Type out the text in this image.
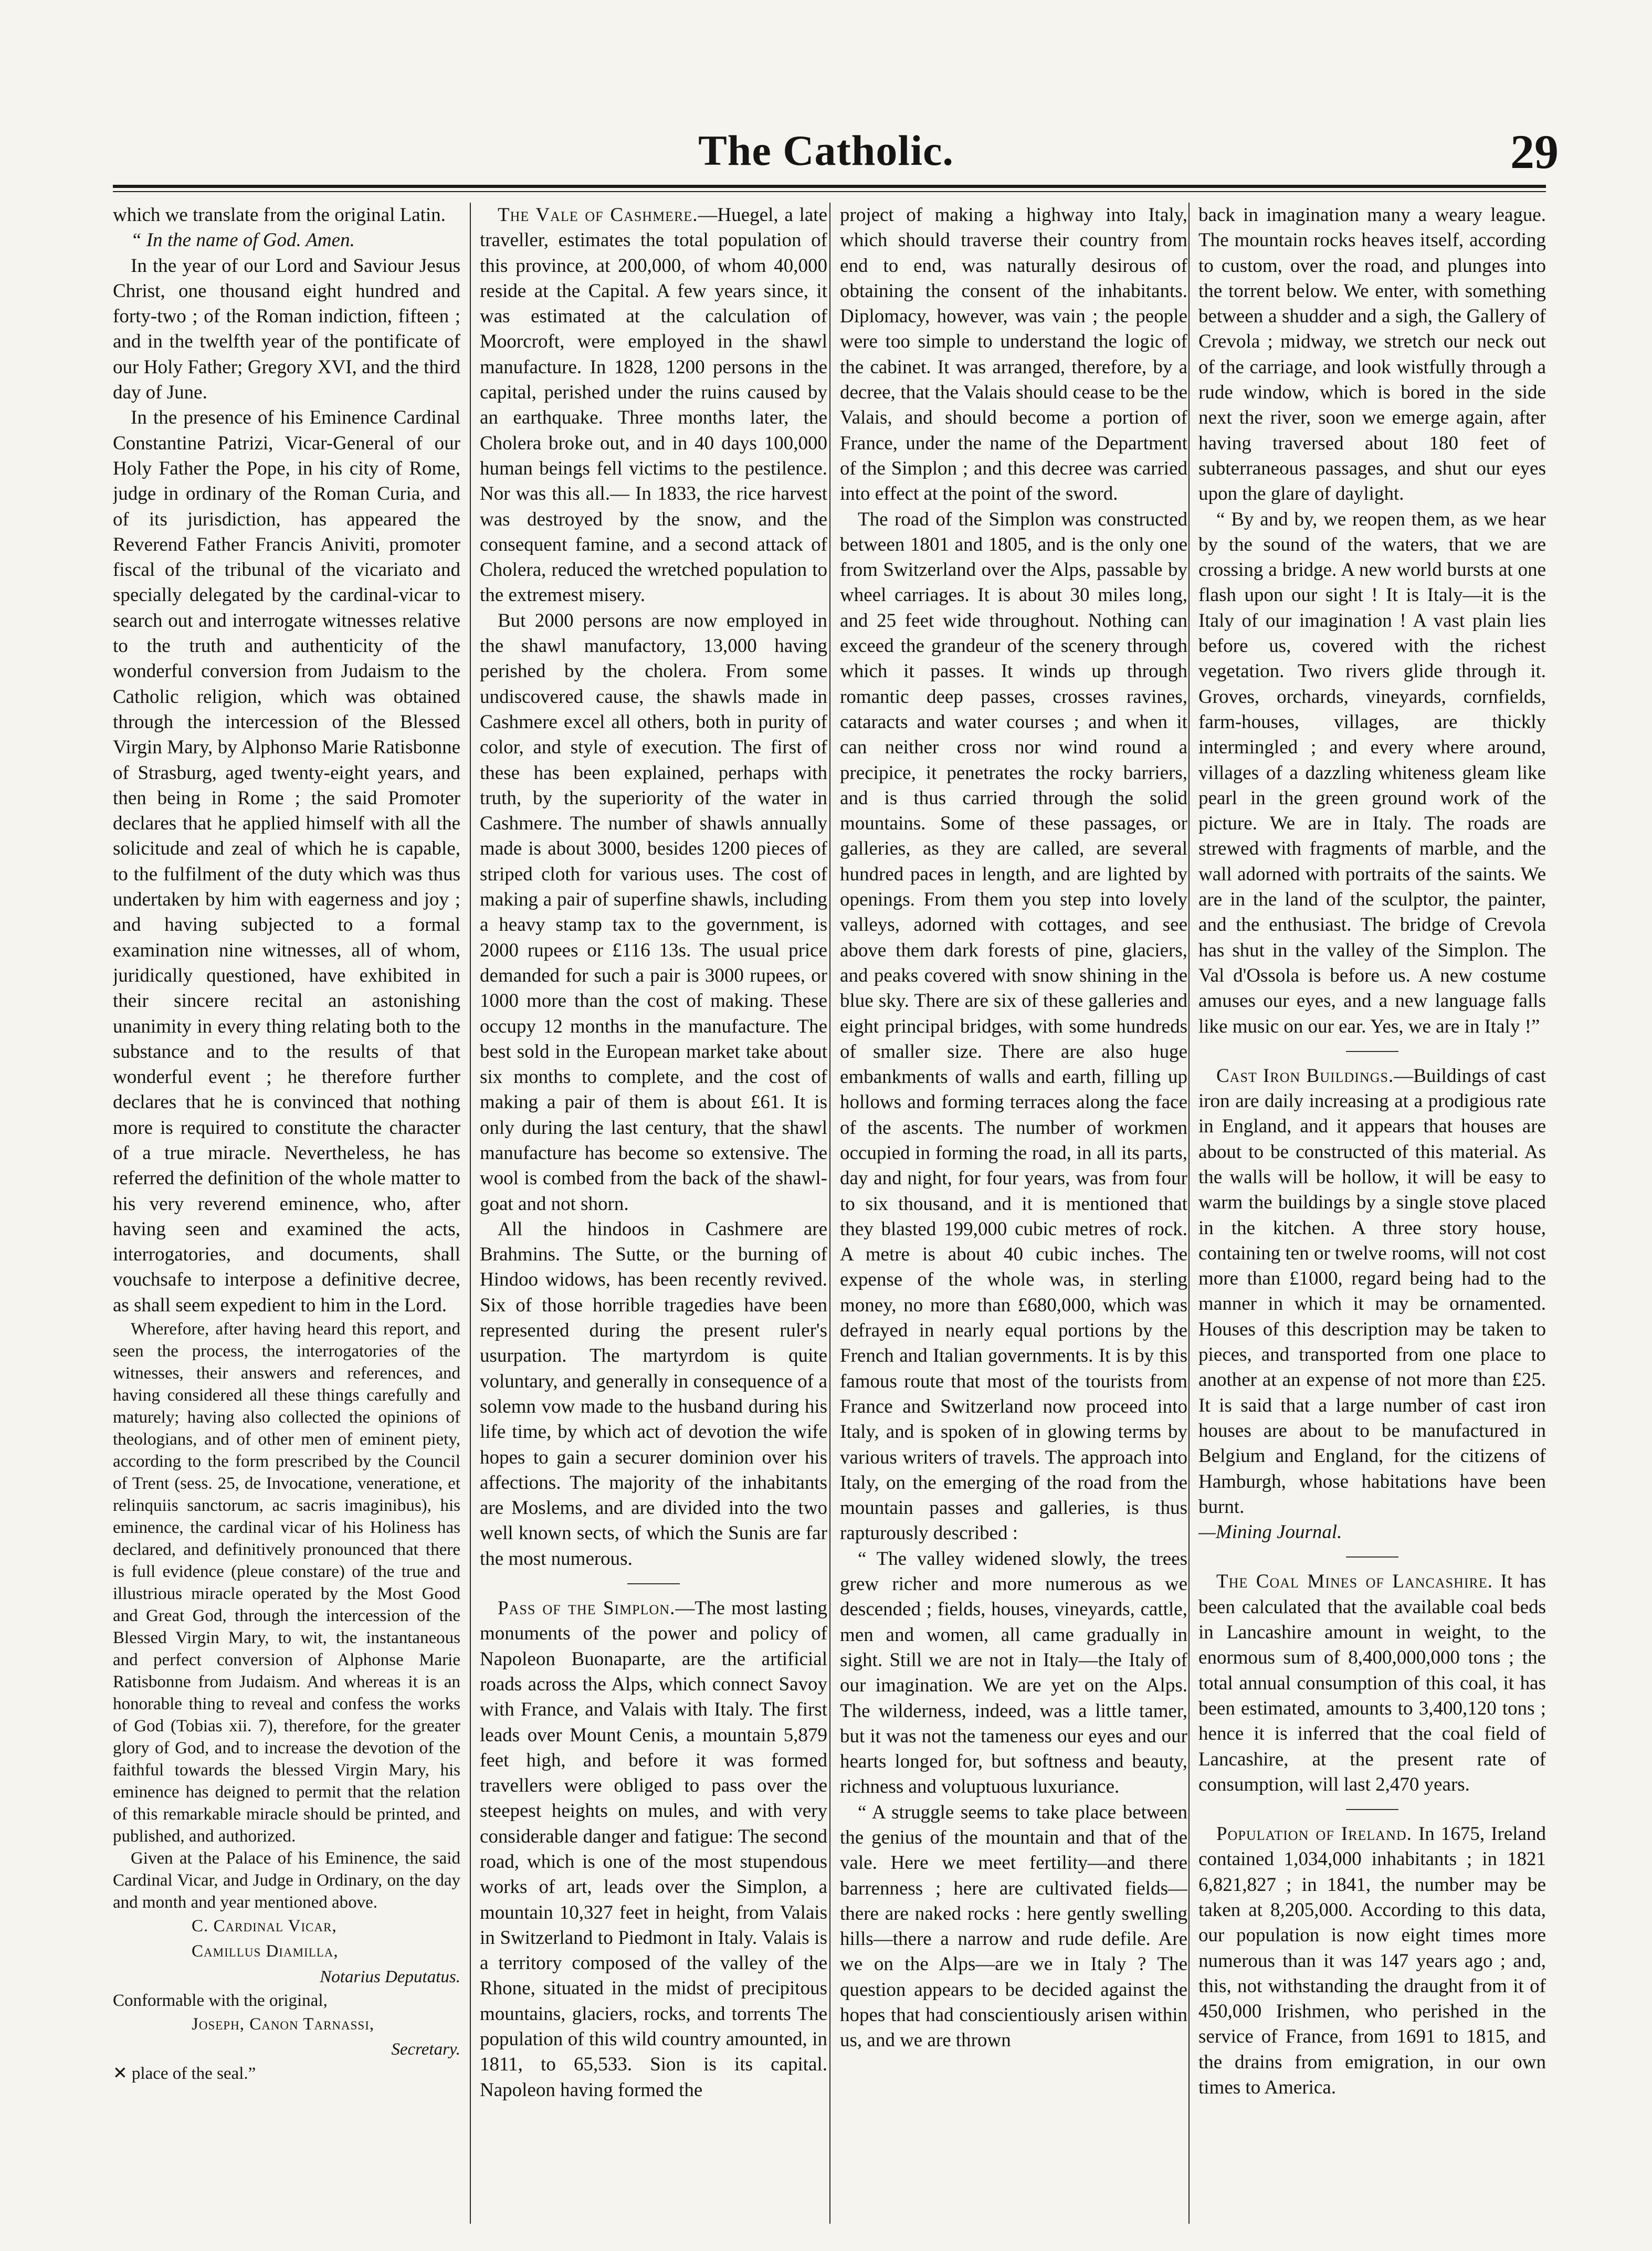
The Catholic.	29

which we translate from the original Latin.

“ In the name of God. Amen.

In the year of our Lord and Saviour Jesus Christ, one thousand eight hundred and forty-two ; of the Roman indiction, fifteen ; and in the twelfth year of the pontificate of our Holy Father; Gregory XVI, and the third day of June.

In the presence of his Eminence Cardinal Constantine Patrizi, Vicar-General of our Holy Father the Pope, in his city of Rome, judge in ordinary of the Roman Curia, and of its jurisdiction, has appeared the Reverend Father Francis Aniviti, promoter fiscal of the tribunal of the vicariato and specially delegated by the cardinal-vicar to search out and interrogate witnesses relative to the truth and authenticity of the wonderful conversion from Judaism to the Catholic religion, which was obtained through the intercession of the Blessed Virgin Mary, by Alphonso Marie Ratisbonne of Strasburg, aged twenty-eight years, and then being in Rome ; the said Promoter declares that he applied himself with all the solicitude and zeal of which he is capable, to the fulfilment of the duty which was thus undertaken by him with eagerness and joy ; and having subjected to a formal examination nine witnesses, all of whom, juridically questioned, have exhibited in their sincere recital an astonishing unanimity in every thing relating both to the substance and to the results of that wonderful event ; he therefore further declares that he is convinced that nothing more is required to constitute the character of a true miracle. Nevertheless, he has referred the definition of the whole matter to his very reverend eminence, who, after having seen and examined the acts, interrogatories, and documents, shall vouchsafe to interpose a definitive decree, as shall seem expedient to him in the Lord.

Wherefore, after having heard this report, and seen the process, the interrogatories of the witnesses, their answers and references, and having considered all these things carefully and maturely; having also collected the opinions of theologians, and of other men of eminent piety, according to the form prescribed by the Council of Trent (sess. 25, de Invocatione, veneratione, et relinquiis sanctorum, ac sacris imaginibus), his eminence, the cardinal vicar of his Holiness has declared, and definitively pronounced that there is full evidence (pleue constare) of the true and illustrious miracle operated by the Most Good and Great God, through the intercession of the Blessed Virgin Mary, to wit, the instantaneous and perfect conversion of Alphonse Marie Ratisbonne from Judaism. And whereas it is an honorable thing to reveal and confess the works of God (Tobias xii. 7), therefore, for the greater glory of God, and to increase the devotion of the faithful towards the blessed Virgin Mary, his eminence has deigned to permit that the relation of this remarkable miracle should be printed, and published, and authorized.

Given at the Palace of his Eminence, the said Cardinal Vicar, and Judge in Ordinary, on the day and month and year mentioned above.

C. Cardinal Vicar,

Camillus Diamilla,

Notarius Deputatus.

Conformable with the original,

Joseph, Canon Tarnassi,

Secretary.

✕ place of the seal.”

The Vale of Cashmere.—Huegel, a late traveller, estimates the total population of this province, at 200,000, of whom 40,000 reside at the Capital. A few years since, it was estimated at the calculation of Moorcroft, were employed in the shawl manufacture. In 1828, 1200 persons in the capital, perished under the ruins caused by an earthquake. Three months later, the Cholera broke out, and in 40 days 100,000 human beings fell victims to the pestilence. Nor was this all.— In 1833, the rice harvest was destroyed by the snow, and the consequent famine, and a second attack of Cholera, reduced the wretched population to the extremest misery.

But 2000 persons are now employed in the shawl manufactory, 13,000 having perished by the cholera. From some undiscovered cause, the shawls made in Cashmere excel all others, both in purity of color, and style of execution. The first of these has been explained, perhaps with truth, by the superiority of the water in Cashmere. The number of shawls annually made is about 3000, besides 1200 pieces of striped cloth for various uses. The cost of making a pair of superfine shawls, including a heavy stamp tax to the government, is 2000 rupees or £116 13s. The usual price demanded for such a pair is 3000 rupees, or 1000 more than the cost of making. These occupy 12 months in the manufacture. The best sold in the European market take about six months to complete, and the cost of making a pair of them is about £61. It is only during the last century, that the shawl manufacture has become so extensive. The wool is combed from the back of the shawl-goat and not shorn.

All the hindoos in Cashmere are Brahmins. The Sutte, or the burning of Hindoo widows, has been recently revived. Six of those horrible tragedies have been represented during the present ruler's usurpation. The martyrdom is quite voluntary, and generally in consequence of a solemn vow made to the husband during his life time, by which act of devotion the wife hopes to gain a securer dominion over his affections. The majority of the inhabitants are Moslems, and are divided into the two well known sects, of which the Sunis are far the most numerous.

Pass of the Simplon.—The most lasting monuments of the power and policy of Napoleon Buonaparte, are the artificial roads across the Alps, which connect Savoy with France, and Valais with Italy. The first leads over Mount Cenis, a mountain 5,879 feet high, and before it was formed travellers were obliged to pass over the steepest heights on mules, and with very considerable danger and fatigue: The second road, which is one of the most stupendous works of art, leads over the Simplon, a mountain 10,327 feet in height, from Valais in Switzerland to Piedmont in Italy. Valais is a territory composed of the valley of the Rhone, situated in the midst of precipitous mountains, glaciers, rocks, and torrents The population of this wild country amounted, in 1811, to 65,533. Sion is its capital. Napoleon having formed the

project of making a highway into Italy, which should traverse their country from end to end, was naturally desirous of obtaining the consent of the inhabitants. Diplomacy, however, was vain ; the people were too simple to understand the logic of the cabinet. It was arranged, therefore, by a decree, that the Valais should cease to be the Valais, and should become a portion of France, under the name of the Department of the Simplon ; and this decree was carried into effect at the point of the sword.

The road of the Simplon was constructed between 1801 and 1805, and is the only one from Switzerland over the Alps, passable by wheel carriages. It is about 30 miles long, and 25 feet wide throughout. Nothing can exceed the grandeur of the scenery through which it passes. It winds up through romantic deep passes, crosses ravines, cataracts and water courses ; and when it can neither cross nor wind round a precipice, it penetrates the rocky barriers, and is thus carried through the solid mountains. Some of these passages, or galleries, as they are called, are several hundred paces in length, and are lighted by openings. From them you step into lovely valleys, adorned with cottages, and see above them dark forests of pine, glaciers, and peaks covered with snow shining in the blue sky. There are six of these galleries and eight principal bridges, with some hundreds of smaller size. There are also huge embankments of walls and earth, filling up hollows and forming terraces along the face of the ascents. The number of workmen occupied in forming the road, in all its parts, day and night, for four years, was from four to six thousand, and it is mentioned that they blasted 199,000 cubic metres of rock. A metre is about 40 cubic inches. The expense of the whole was, in sterling money, no more than £680,000, which was defrayed in nearly equal portions by the French and Italian governments. It is by this famous route that most of the tourists from France and Switzerland now proceed into Italy, and is spoken of in glowing terms by various writers of travels. The approach into Italy, on the emerging of the road from the mountain passes and galleries, is thus rapturously described :

“ The valley widened slowly, the trees grew richer and more numerous as we descended ; fields, houses, vineyards, cattle, men and women, all came gradually in sight. Still we are not in Italy—the Italy of our imagination. We are yet on the Alps. The wilderness, indeed, was a little tamer, but it was not the tameness our eyes and our hearts longed for, but softness and beauty, richness and voluptuous luxuriance.

“ A struggle seems to take place between the genius of the mountain and that of the vale. Here we meet fertility—and there barrenness ; here are cultivated fields—there are naked rocks : here gently swelling hills—there a narrow and rude defile. Are we on the Alps—are we in Italy ? The question appears to be decided against the hopes that had conscientiously arisen within us, and we are thrown

back in imagination many a weary league. The mountain rocks heaves itself, according to custom, over the road, and plunges into the torrent below. We enter, with something between a shudder and a sigh, the Gallery of Crevola ; midway, we stretch our neck out of the carriage, and look wistfully through a rude window, which is bored in the side next the river, soon we emerge again, after having traversed about 180 feet of subterraneous passages, and shut our eyes upon the glare of daylight.

“ By and by, we reopen them, as we hear by the sound of the waters, that we are crossing a bridge. A new world bursts at one flash upon our sight ! It is Italy—it is the Italy of our imagination ! A vast plain lies before us, covered with the richest vegetation. Two rivers glide through it. Groves, orchards, vineyards, cornfields, farm-houses, villages, are thickly intermingled ; and every where around, villages of a dazzling whiteness gleam like pearl in the green ground work of the picture. We are in Italy. The roads are strewed with fragments of marble, and the wall adorned with portraits of the saints. We are in the land of the sculptor, the painter, and the enthusiast. The bridge of Crevola has shut in the valley of the Simplon. The Val d'Ossola is before us. A new costume amuses our eyes, and a new language falls like music on our ear. Yes, we are in Italy !”

Cast Iron Buildings.—Buildings of cast iron are daily increasing at a prodigious rate in England, and it appears that houses are about to be constructed of this material. As the walls will be hollow, it will be easy to warm the buildings by a single stove placed in the kitchen. A three story house, containing ten or twelve rooms, will not cost more than £1000, regard being had to the manner in which it may be ornamented. Houses of this description may be taken to pieces, and transported from one place to another at an expense of not more than £25. It is said that a large number of cast iron houses are about to be manufactured in Belgium and England, for the citizens of Hamburgh, whose habitations have been burnt.

—Mining Journal.

The Coal Mines of Lancashire. It has been calculated that the available coal beds in Lancashire amount in weight, to the enormous sum of 8,400,000,000 tons ; the total annual consumption of this coal, it has been estimated, amounts to 3,400,120 tons ; hence it is inferred that the coal field of Lancashire, at the present rate of consumption, will last 2,470 years.

Population of Ireland. In 1675, Ireland contained 1,034,000 inhabitants ; in 1821 6,821,827 ; in 1841, the number may be taken at 8,205,000. According to this data, our population is now eight times more numerous than it was 147 years ago ; and, this, not withstanding the draught from it of 450,000 Irishmen, who perished in the service of France, from 1691 to 1815, and the drains from emigration, in our own times to America.
